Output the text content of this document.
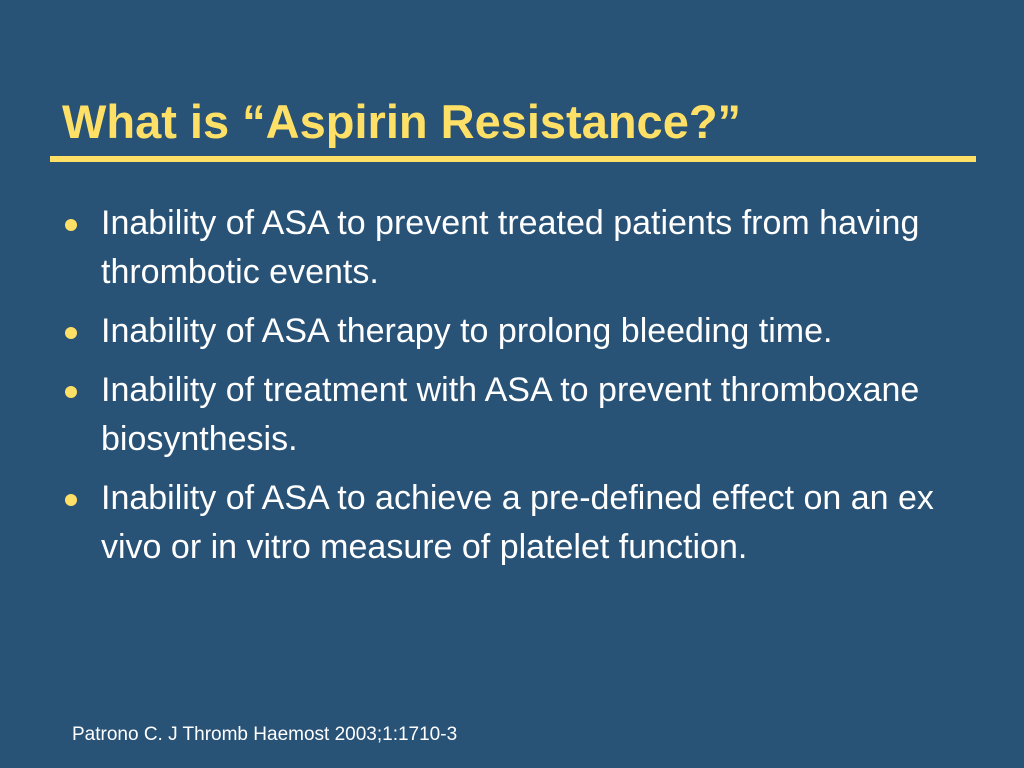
What is “Aspirin Resistance?”
Inability of ASA to prevent treated patients from having thrombotic events.
Inability of ASA therapy to prolong bleeding time.
Inability of treatment with ASA to prevent thromboxane biosynthesis.
Inability of ASA to achieve a pre-defined effect on an ex vivo or in vitro measure of platelet function.

Patrono C. J Thromb Haemost 2003;1:1710-3
